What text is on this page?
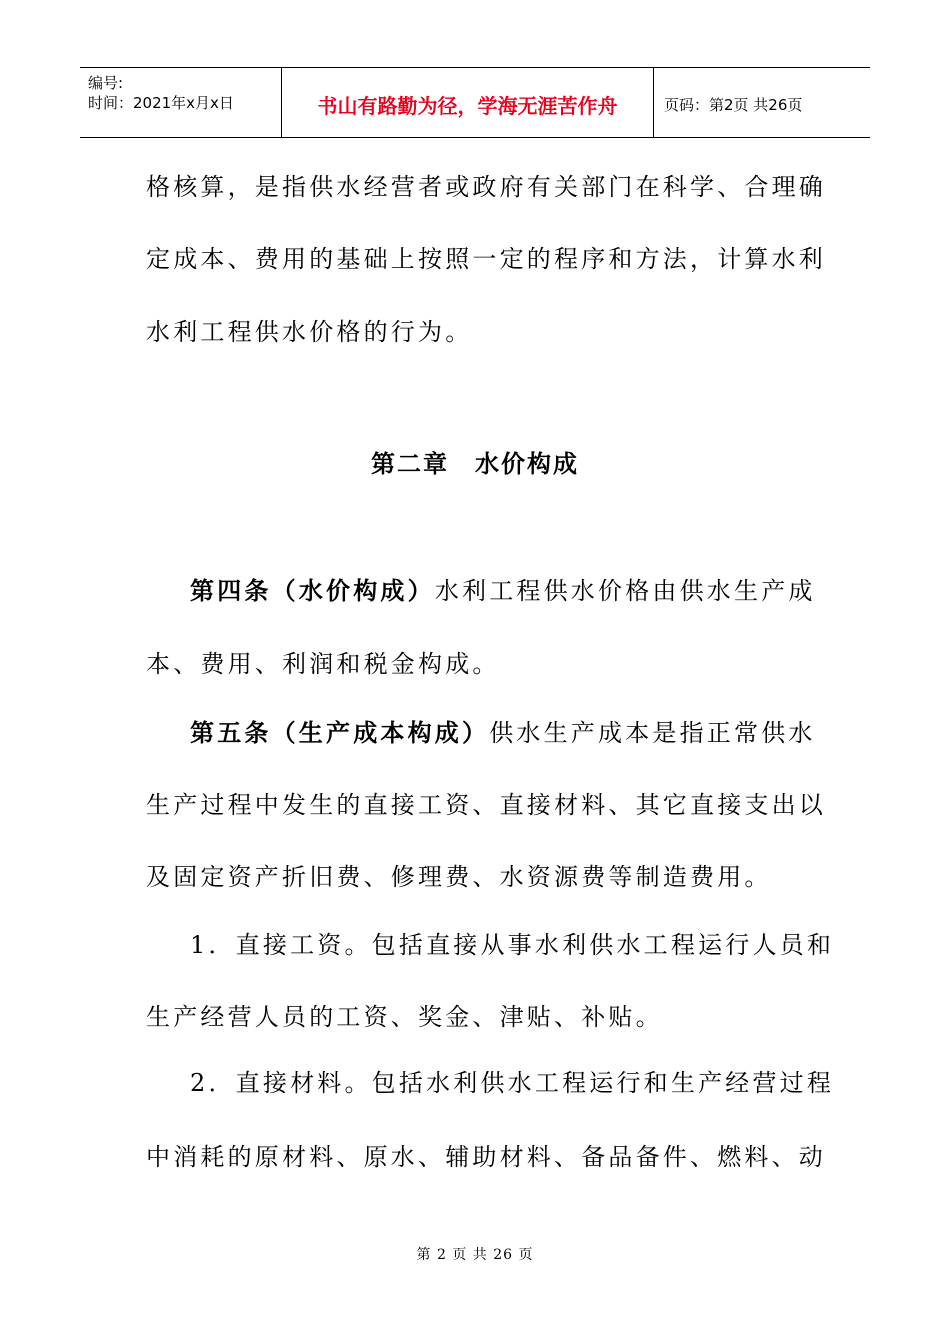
编号:
时间：2021年x月x日	书山有路勤为径，学海无涯苦作舟	页码：第2页 共26页
格核算，是指供水经营者或政府有关部门在科学、合理确
定成本、费用的基础上按照一定的程序和方法，计算水利
水利工程供水价格的行为。
第二章　水价构成
第四条（水价构成）水利工程供水价格由供水生产成
本、费用、利润和税金构成。
第五条（生产成本构成）供水生产成本是指正常供水
生产过程中发生的直接工资、直接材料、其它直接支出以
及固定资产折旧费、修理费、水资源费等制造费用。
1．直接工资。包括直接从事水利供水工程运行人员和
生产经营人员的工资、奖金、津贴、补贴。
2．直接材料。包括水利供水工程运行和生产经营过程
中消耗的原材料、原水、辅助材料、备品备件、燃料、动
第 2 页 共 26 页
